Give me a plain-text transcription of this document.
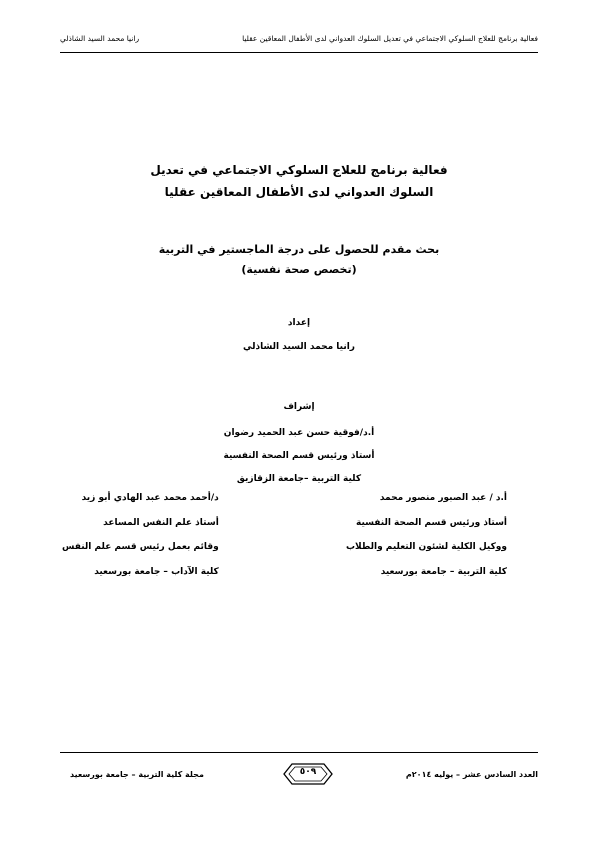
فعالية برنامج للعلاج السلوكي الاجتماعي في تعديل السلوك العدواني لدى الأطفال المعاقين عقليا
رانيا محمد السيد الشاذلي
فعالية برنامج للعلاج السلوكي الاجتماعي في تعديل
السلوك العدواني لدى الأطفال المعاقين عقليا
بحث مقدم للحصول على درجة الماجستير في التربية
(تخصص صحة نفسية)
إعداد
رانيا محمد السيد الشاذلي
إشراف
أ.د/فوقية حسن عبد الحميد رضوان
أستاذ ورئيس قسم الصحة النفسية
كلية التربية –جامعة الزقازيق
أ.د / عبد الصبور منصور محمد
أستاذ ورئيس قسم الصحة النفسية
ووكيل الكلية لشئون التعليم والطلاب
كلية التربية – جامعة بورسعيد
د/أحمد محمد عبد الهادي أبو زيد
أستاذ علم النفس المساعد
وقائم بعمل رئيس قسم علم النفس
كلية الآداب – جامعة بورسعيد
العدد السادس عشر – يوليه ٢٠١٤م
٥٠٩
مجلة كلية التربية – جامعة بورسعيد
